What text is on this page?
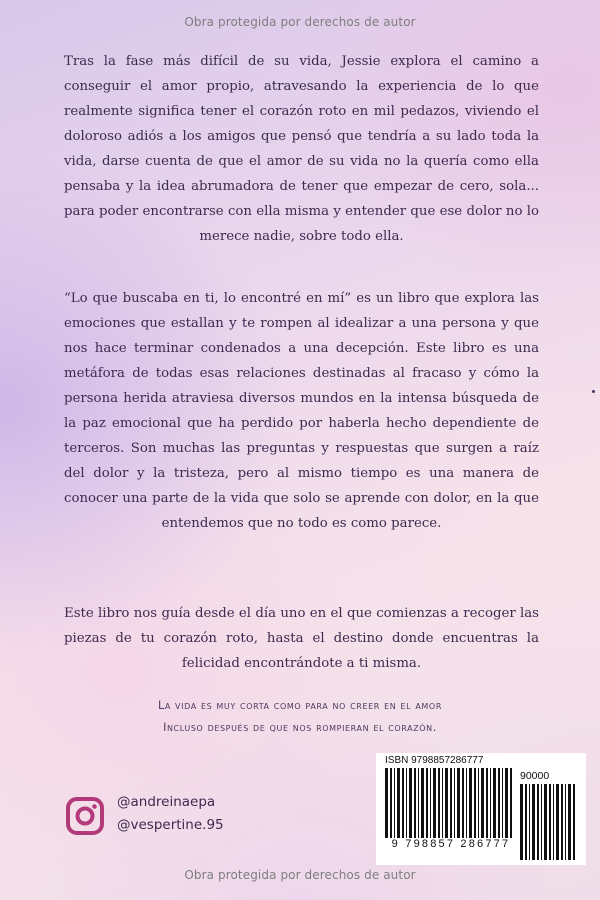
Obra protegida por derechos de autor

Tras la fase más difícil de su vida, Jessie explora el camino a conseguir el amor propio, atravesando la experiencia de lo que realmente significa tener el corazón roto en mil pedazos, viviendo el doloroso adiós a los amigos que pensó que tendría a su lado toda la vida, darse cuenta de que el amor de su vida no la quería como ella pensaba y la idea abrumadora de tener que empezar de cero, sola... para poder encontrarse con ella misma y entender que ese dolor no lo merece nadie, sobre todo ella.

“Lo que buscaba en ti, lo encontré en mí” es un libro que explora las emociones que estallan y te rompen al idealizar a una persona y que nos hace terminar condenados a una decepción. Este libro es una metáfora de todas esas relaciones destinadas al fracaso y cómo la persona herida atraviesa diversos mundos en la intensa búsqueda de la paz emocional que ha perdido por haberla hecho dependiente de terceros. Son muchas las preguntas y respuestas que surgen a raíz del dolor y la tristeza, pero al mismo tiempo es una manera de conocer una parte de la vida que solo se aprende con dolor, en la que entendemos que no todo es como parece.

Este libro nos guía desde el día uno en el que comienzas a recoger las piezas de tu corazón roto, hasta el destino donde encuentras la felicidad encontrándote a ti misma.

La vida es muy corta como para no creer en el amor
Incluso después de que nos rompieran el corazón.
@andreinaepa
@vespertine.95
ISBN 9798857286777
90000
9 798857 286777
Obra protegida por derechos de autor
